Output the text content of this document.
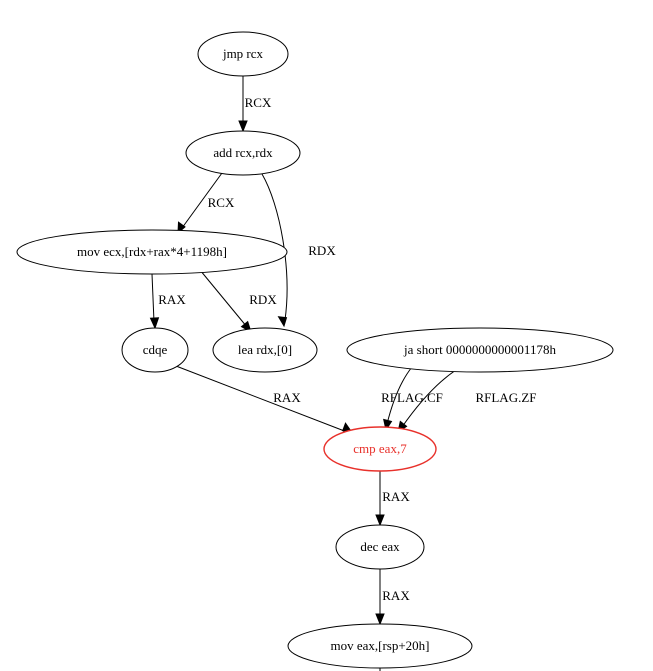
RCX
RCX
RDX
RAX	RDX
RAX	RFLAG.CF	RFLAG.ZF
RAX
RAX
jmp rcx
add rcx,rdx
mov ecx,[rdx+rax*4+1198h]
cdqe	lea rdx,[0]	ja short 0000000000001178h
cmp eax,7
dec eax
mov eax,[rsp+20h]
